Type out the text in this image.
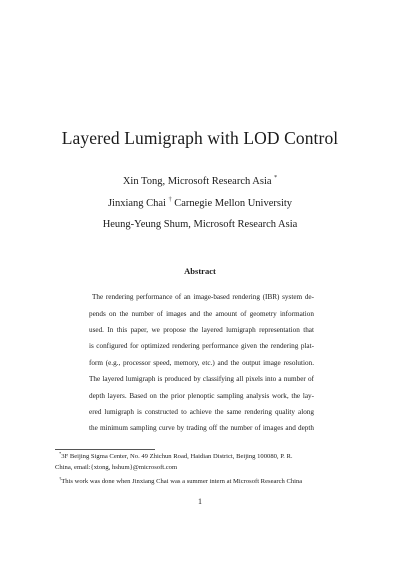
Layered Lumigraph with LOD Control
Xin Tong, Microsoft Research Asia *
Jinxiang Chai † Carnegie Mellon University
Heung-Yeung Shum, Microsoft Research Asia
Abstract
The rendering performance of an image-based rendering (IBR) system de-
pends on the number of images and the amount of geometry information
used. In this paper, we propose the layered lumigraph representation that
is configured for optimized rendering performance given the rendering plat-
form (e.g., processor speed, memory, etc.) and the output image resolution.
The layered lumigraph is produced by classifying all pixels into a number of
depth layers. Based on the prior plenoptic sampling analysis work, the lay-
ered lumigraph is constructed to achieve the same rendering quality along
the minimum sampling curve by trading off the number of images and depth
*3F Beijing Sigma Center, No. 49 Zhichun Road, Haidian District, Beijing 100080, P. R.
China, email:{xtong, hshum}@microsoft.com
†This work was done when Jinxiang Chai was a summer intern at Microsoft Research China
1
